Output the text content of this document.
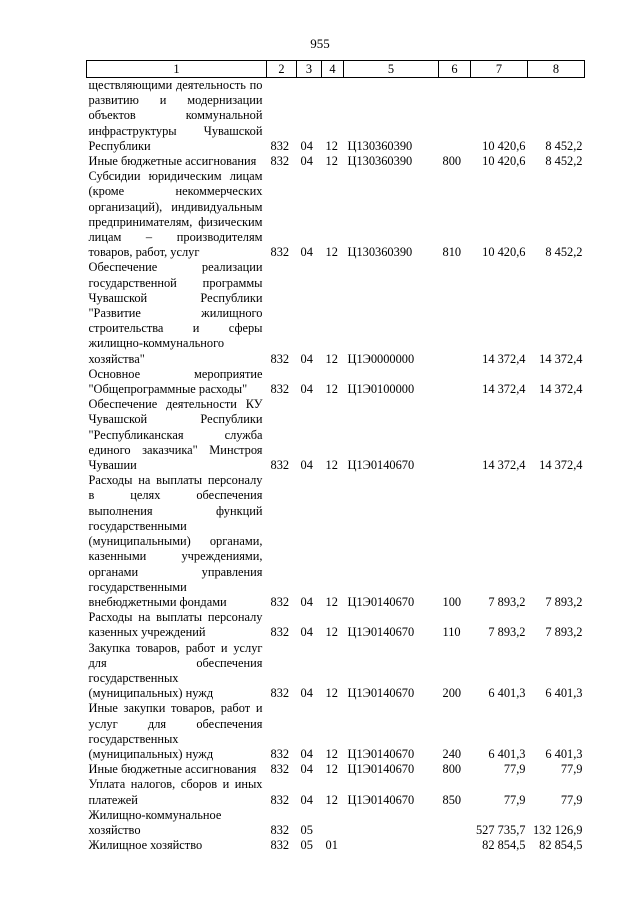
955
1	2	3	4	5	6	7	8
ществляющими деятельность по развитию и модернизации объектов коммунальной инфраструктуры Чувашской Республики	832	04	12	Ц130360390		10 420,6	8 452,2
Иные бюджетные ассигнования	832	04	12	Ц130360390	800	10 420,6	8 452,2
Субсидии юридическим лицам (кроме некоммерческих организаций), индивидуальным предпринимателям, физическим лицам – производителям товаров, работ, услуг	832	04	12	Ц130360390	810	10 420,6	8 452,2
Обеспечение реализации государственной программы Чувашской Республики "Развитие жилищного строительства и сферы жилищно-коммунального хозяйства"	832	04	12	Ц1Э0000000		14 372,4	14 372,4
Основное мероприятие "Общепрограммные расходы"	832	04	12	Ц1Э0100000		14 372,4	14 372,4
Обеспечение деятельности КУ Чувашской Республики "Республиканская служба единого заказчика" Минстроя Чувашии	832	04	12	Ц1Э0140670		14 372,4	14 372,4
Расходы на выплаты персоналу в целях обеспечения выполнения функций государственными (муниципальными) органами, казенными учреждениями, органами управления государственными внебюджетными фондами	832	04	12	Ц1Э0140670	100	7 893,2	7 893,2
Расходы на выплаты персоналу казенных учреждений	832	04	12	Ц1Э0140670	110	7 893,2	7 893,2
Закупка товаров, работ и услуг для обеспечения государственных (муниципальных) нужд	832	04	12	Ц1Э0140670	200	6 401,3	6 401,3
Иные закупки товаров, работ и услуг для обеспечения государственных (муниципальных) нужд	832	04	12	Ц1Э0140670	240	6 401,3	6 401,3
Иные бюджетные ассигнования	832	04	12	Ц1Э0140670	800	77,9	77,9
Уплата налогов, сборов и иных платежей	832	04	12	Ц1Э0140670	850	77,9	77,9
Жилищно-коммунальное хозяйство	832	05				527 735,7	132 126,9
Жилищное хозяйство	832	05	01			82 854,5	82 854,5
